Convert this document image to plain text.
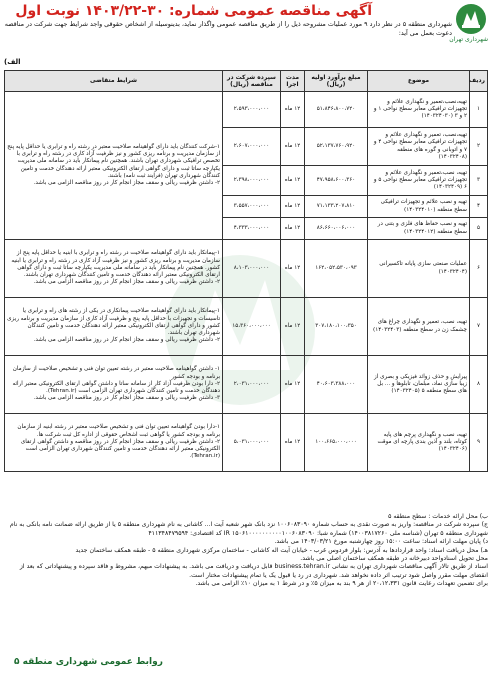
شهرداری تهران
آگهی مناقصه عمومی شماره: ۳۰-۱۴۰۳/۲۲ نوبت اول
شهرداری منطقه ۵ در نظر دارد ۹ مورد عملیات مشروحه ذیل را از طریق مناقصه عمومی واگذار نماید، بدینوسیله از اشخاص حقوقی واجد شرایط جهت شرکت در مناقصه دعوت بعمل می آید:
الف)
ردیف	موضوع	مبلغ برآورد اولیه (ریال)	مدت اجرا	سپرده شرکت در مناقصه (ریال)	شرایط متقاضی
۱	تهیه،نصب،تعمیر و نگهداری علائم و تجهیزات ترافیکی معابر سطح نواحی ۱ و ۲ و ۳ (۱۴۰۳۲۴۰۳۰)	۵۱،۸۴۶،۸۰۰،۷۲۰	۱۲ ماه	۲،۵۹۳،۰۰۰،۰۰۰	۱-شرکت کنندگان باید دارای گواهینامه صلاحیت معتبر در رشته راه و ترابری یا حداقل پایه پنج از سازمان مدیریت و برنامه ریزی کشور و نیز ظرفیت آزاد کاری در رشته راه و ترابری با تخصص ترافیکی شهرداری تهران باشند. همچنین نام پیمانکار باید در سامانه ملی مدیریت یکپارچه ساتا ثبت و دارای گواهی ارتقای الکترونیکی معتبر ارائه دهندگان خدمت و تامین کنندگان شهرداری تهران (فرایند ثبت نامه) باشند.
۲- داشتن ظرفیت ریالی و سقف مجاز انجام کار در روز مناقصه الزامی می باشد.
۲	تهیه،نصب، تعمیر و نگهداری علائم و تجهیزات ترافیکی معابر سطح نواحی ۴ و ۷ و اتوبانی و گوره های منطقه (۱۴۰۳۲۴۰۸)	۵۲،۱۳۷،۷۶۰،۹۲۰	۱۲ ماه	۲،۶۰۷،۰۰۰،۰۰۰	
۳	تهیه، نصب،تعمیر و نگهداری علائم و تجهیزات ترافیکی معابر سطح نواحی ۵ و ۶ (۱۴۰۳۲۴۰۹)	۴۷،۹۵۸،۶۰۰،۳۶۰	۱۲ ماه	۲،۳۹۸،۰۰۰،۰۰۰	
۴	تهیه و نصب علائم و تجهیزات ترافیکی سطح منطقه (۱۴۰۳۲۴۰۱۰)	۷۱،۱۳۳،۲۰۷،۸۱۰	۱۲ ماه	۳،۵۵۷،۰۰۰،۰۰۰	
۵	تهیه و نصب حفاظ های فلزی و بتنی در سطح منطقه (۱۴۰۳۲۴۰۱۲)	۸۶،۶۶۰،۰۰۶،۰۰۰	۱۲ ماه	۴،۳۳۳،۰۰۰،۰۰۰	
۶	عملیات صنعتی سازی پایانه تاکسیرانی (۱۴۰۳۲۴۰۴)	۱۶۲،۰۵۲،۵۳۰،۰۹۳	۱۲ ماه	۸،۱۰۳،۰۰۰،۰۰۰	۱-پیمانکار باید دارای گواهینامه صلاحیت در رشته راه و ترابری با ابنیه یا حداقل پایه پنج از سازمان مدیریت و برنامه ریزی کشور و نیز ظرفیت آزاد کاری در رشته راه و ترابری یا ابنیه کشور. همچنین نام پیمانکار باید در سامانه ملی مدیریت یکپارچه ساتا ثبت و دارای گواهی ارتقای الکترونیکی معتبر ارائه دهندگان خدمت و تامین کنندگان شهرداری تهران باشند.
۲- داشتن ظرفیت ریالی و سقف مجاز انجام کار در روز مناقصه الزامی می باشد.
۷	تهیه، نصب، تعمیر و نگهداری چراغ های چشمک زن در سطح منطقه (۱۴۰۳۲۴۰۳)	۳۰۷،۱۸۰،۱۰۰،۳۵۰	۱۲ ماه	۱۵،۳۶۰،۰۰۰،۰۰۰	۱-پیمانکار باید دارای گواهینامه صلاحیت پیمانکاری در یکی از رشته های راه و ترابری یا تاسیسات و تجهیزات با حداقل پایه پنج و ظرفیت آزاد کاری از سازمان مدیریت و برنامه ریزی کشور و دارای گواهی ارتقای الکترونیکی معتبر ارائه دهندگان خدمت و تامین کنندگان شهرداری تهران باشند.
۲- داشتن ظرفیت ریالی و سقف مجاز انجام کار در روز مناقصه الزامی می باشد.
۸	پیرایش و حذف زوائد فیزیکی و بصری از زیبا سازی نماد، مبلمان، تابلوها و ... بل های سطح منطقه ۵ (۱۴۰۳۲۴۰۵)	۴۰،۶۰۳،۳۸۸،۰۰۰	۱۲ ماه	۲،۰۳۱،۰۰۰،۰۰۰	۱- داشتن گواهینامه صلاحیت معتبر در رشته تعیین توان فنی و تشخیص صلاحیت از سازمان برنامه و بودجه کشور
۲- دارا بودن ظرفیت آزاد کار از سامانه ساتا و داشتن گواهی ارتقای الکترونیکی معتبر ارائه دهندگان خدمت و تامین کنندگان شهرداری تهران الزامی است (Tehran.ir).
۳- داشتن ظرفیت ریالی و سقف مجاز انجام کار در روز مناقصه الزامی می باشد.
۹	تهیه، نصب و نگهداری پرچم های پایه کوتاه، بلند و آذین بندی پارچه ای موقت (۱۴۰۳۲۴۰۶)	۱۰۰،۶۶۵،۰۰۰،۰۰۰	۱۲ ماه	۵،۰۳۱،۰۰۰،۰۰۰	۱-دارا بودن گواهینامه تعیین توان فنی و تشخیص صلاحیت معتبر در رشته ابنیه از سازمان برنامه و بودجه کشور یا گواهی ثبت اشخاص حقوقی از اداره کل ثبت شرکت ها.
۲- داشتن ظرفیت ریالی و سقف مجاز انجام کار در روز مناقصه و داشتن گواهی ارتقای الکترونیکی معتبر ارائه دهندگان خدمت و تامین کنندگان شهرداری تهران الزامی است (Tehran.ir).

ب) محل ارائه خدمات : سطح منطقه ۵

ج) سپرده شرکت در مناقصه: واریز به صورت نقدی به حساب شماره ۱۰۰۶۰۸۳۰۹۰ نزد بانک شهر شعبه آیت ا... کاشانی به نام شهرداری منطقه ۵ یا از طریق ارائه ضمانت نامه بانکی به نام شهرداری منطقه ۵ تهران (شناسه ملی ۱۴۰۰۳۸۱۷۲۶۰) شماره شبا: IR ۱۵۰۶۱۰۰۰۰۰۰۰۰۰۰۱۰۰۶۰۸۳۰۹۰ کد اقتصادی: ۴۱۱۳۴۸۴۷۹۵۹۴

د) پایان مهلت ارائه اسناد: ساعت ۱۵:۰۰ روز چهارشنبه مورخ ۱۴۰۳/۰۳/۲۱ می باشد.

هـ) محل دریافت اسناد: واحد قراردادها به آدرس: بلوار فردوس غرب - خیابان آیت اله کاشانی - ساختمان مرکزی شهرداری منطقه ۵ - طبقه همکف ساختمان جدید

محل تحویل اسنادواحد دبیرخانه در طبقه همکف ساختمان اصلی می باشد.

اسناد از طریق تالار آگهی مناقصات شهرداری تهران به نشانی business.tehran.ir قابل دریافت و دریافت می باشد. به پیشنهادات مبهم، مشروط و فاقد سپرده و پیشنهاداتی که بعد از انقضای مهلت مقرر واصل شود ترتیب اثر داده نخواهد شد. شهرداری در رد یا قبول یک یا تمام پیشنهادات مختار است.

برای تضمین تعهدات رعایت قانون ۲۰،۱۲،۳۳۱ از هر ۹ بند به میزان ۵٪ و در شرط ۱ به میزان ۱۰٪ الزامی می باشد.

روابط عمومی شهرداری منطقه ۵
